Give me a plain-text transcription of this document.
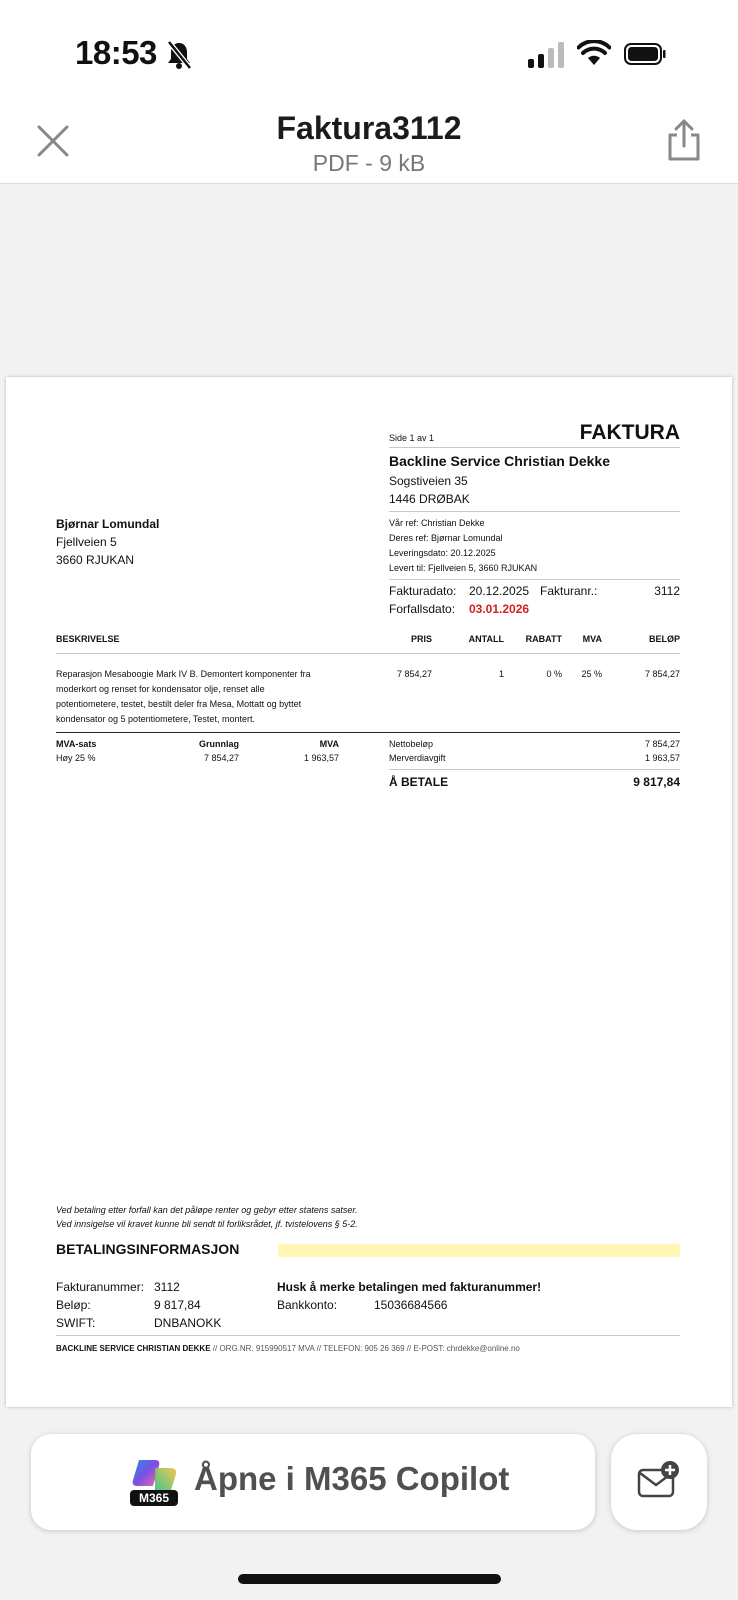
18:53
Faktura3112
PDF - 9 kB
Side 1 av 1	FAKTURA
Backline Service Christian Dekke
Sogstiveien 35
1446 DRØBAK
Vår ref: Christian Dekke
Deres ref: Bjørnar Lomundal
Leveringsdato: 20.12.2025
Levert til: Fjellveien 5, 3660 RJUKAN
Bjørnar Lomundal
Fjellveien 5
3660 RJUKAN
Fakturadato: 20.12.2025 Fakturanr.:	3112
Forfallsdato: 03.01.2026
BESKRIVELSE	PRIS	ANTALL RABATT MVA	BELØP
Reparasjon Mesaboogie Mark IV B. Demontert komponenter fra
moderkort og renset for kondensator olje, renset alle
potentiometere, testet, bestilt deler fra Mesa, Mottatt og byttet
kondensator og 5 potentiometere, Testet, montert.
7 854,27	1	0 % 25 %	7 854,27
MVA-sats	Grunnlag	MVA
Høy 25 %	7 854,27	1 963,57
Nettobeløp	7 854,27
Merverdiavgift	1 963,57
Å BETALE	9 817,84
Ved betaling etter forfall kan det påløpe renter og gebyr etter statens satser.
Ved innsigelse vil kravet kunne bli sendt til forliksrådet, jf. tvistelovens § 5-2.
BETALINGSINFORMASJON
Fakturanummer: 3112
Beløp:	9 817,84
SWIFT:	DNBANOKK
Husk å merke betalingen med fakturanummer!
Bankkonto:	15036684566
BACKLINE SERVICE CHRISTIAN DEKKE // ORG.NR. 915990517 MVA // TELEFON: 905 26 369 // E-POST: chrdekke@online.no
M365
Åpne i M365 Copilot
